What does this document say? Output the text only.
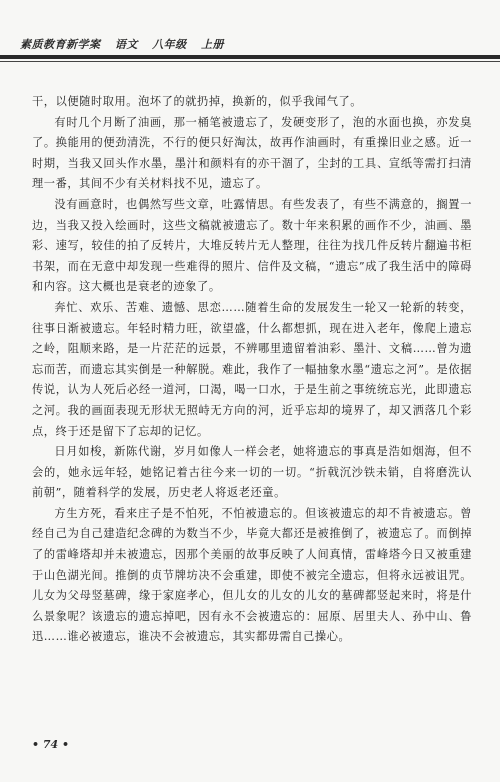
素质教育新学案 语文 八年级 上册

干，以便随时取用。泡坏了的就扔掉，换新的，似乎我闻气了。

有时几个月断了油画，那一桶笔被遗忘了，发硬变形了，泡的水面也换，亦发臭了。换能用的便劲清洗，不行的便只好淘汰，故再作油画时，有重操旧业之感。近一时期，当我又回头作水墨，墨汁和颜料有的亦干涸了，尘封的工具、宣纸等需打扫清理一番，其间不少有关材料找不见，遗忘了。

没有画意时，也偶然写些文章，吐露情思。有些发表了，有些不满意的，搁置一边，当我又投入绘画时，这些文稿就被遗忘了。数十年来积累的画作不少，油画、墨彩、速写，较佳的拍了反转片，大堆反转片无人整理，往往为找几件反转片翻遍书柜书架，而在无意中却发现一些难得的照片、信件及文稿，“遗忘”成了我生活中的障碍和内容。这大概也是衰老的迹象了。

奔忙、欢乐、苦难、遗憾、思恋……随着生命的发展发生一轮又一轮新的转变，往事日渐被遗忘。年轻时精力旺，欲望盛，什么都想抓，现在进入老年，像爬上遗忘之岭，阻顺来路，是一片茫茫的远景，不辨哪里遗留着油彩、墨汁、文稿……曾为遗忘而苦，而遗忘其实倒是一种解脱。难此，我作了一幅抽象水墨“遗忘之河”。是依据传说，认为人死后必经一道河，口渴，喝一口水，于是生前之事统统忘光，此即遗忘之河。我的画面表现无形状无照峙无方向的河，近乎忘却的境界了，却又洒落几个彩点，终于还是留下了忘却的记忆。

日月如梭，新陈代谢，岁月如像人一样会老，她将遗忘的事真是浩如烟海，但不会的，她永远年轻，她铭记着古往今来一切的一切。“折戟沉沙铁未销，自将磨洗认前朝”，随着科学的发展，历史老人将返老还童。

方生方死，看来庄子是不怕死，不怕被遗忘的。但该被遗忘的却不肯被遗忘。曾经自己为自己建造纪念碑的为数当不少，毕竟大都还是被推倒了，被遗忘了。而倒掉了的雷峰塔却并未被遗忘，因那个美丽的故事反映了人间真情，雷峰塔今日又被重建于山色湖光间。推倒的贞节牌坊决不会重建，即使不被完全遗忘，但将永远被诅咒。儿女为父母竖墓碑，缘于家庭孝心，但儿女的儿女的儿女的墓碑都竖起来时，将是什么景象呢？该遗忘的遗忘掉吧，因有永不会被遗忘的：屈原、居里夫人、孙中山、鲁迅……谁必被遗忘，谁决不会被遗忘，其实都毋需自己操心。

• 74 •
